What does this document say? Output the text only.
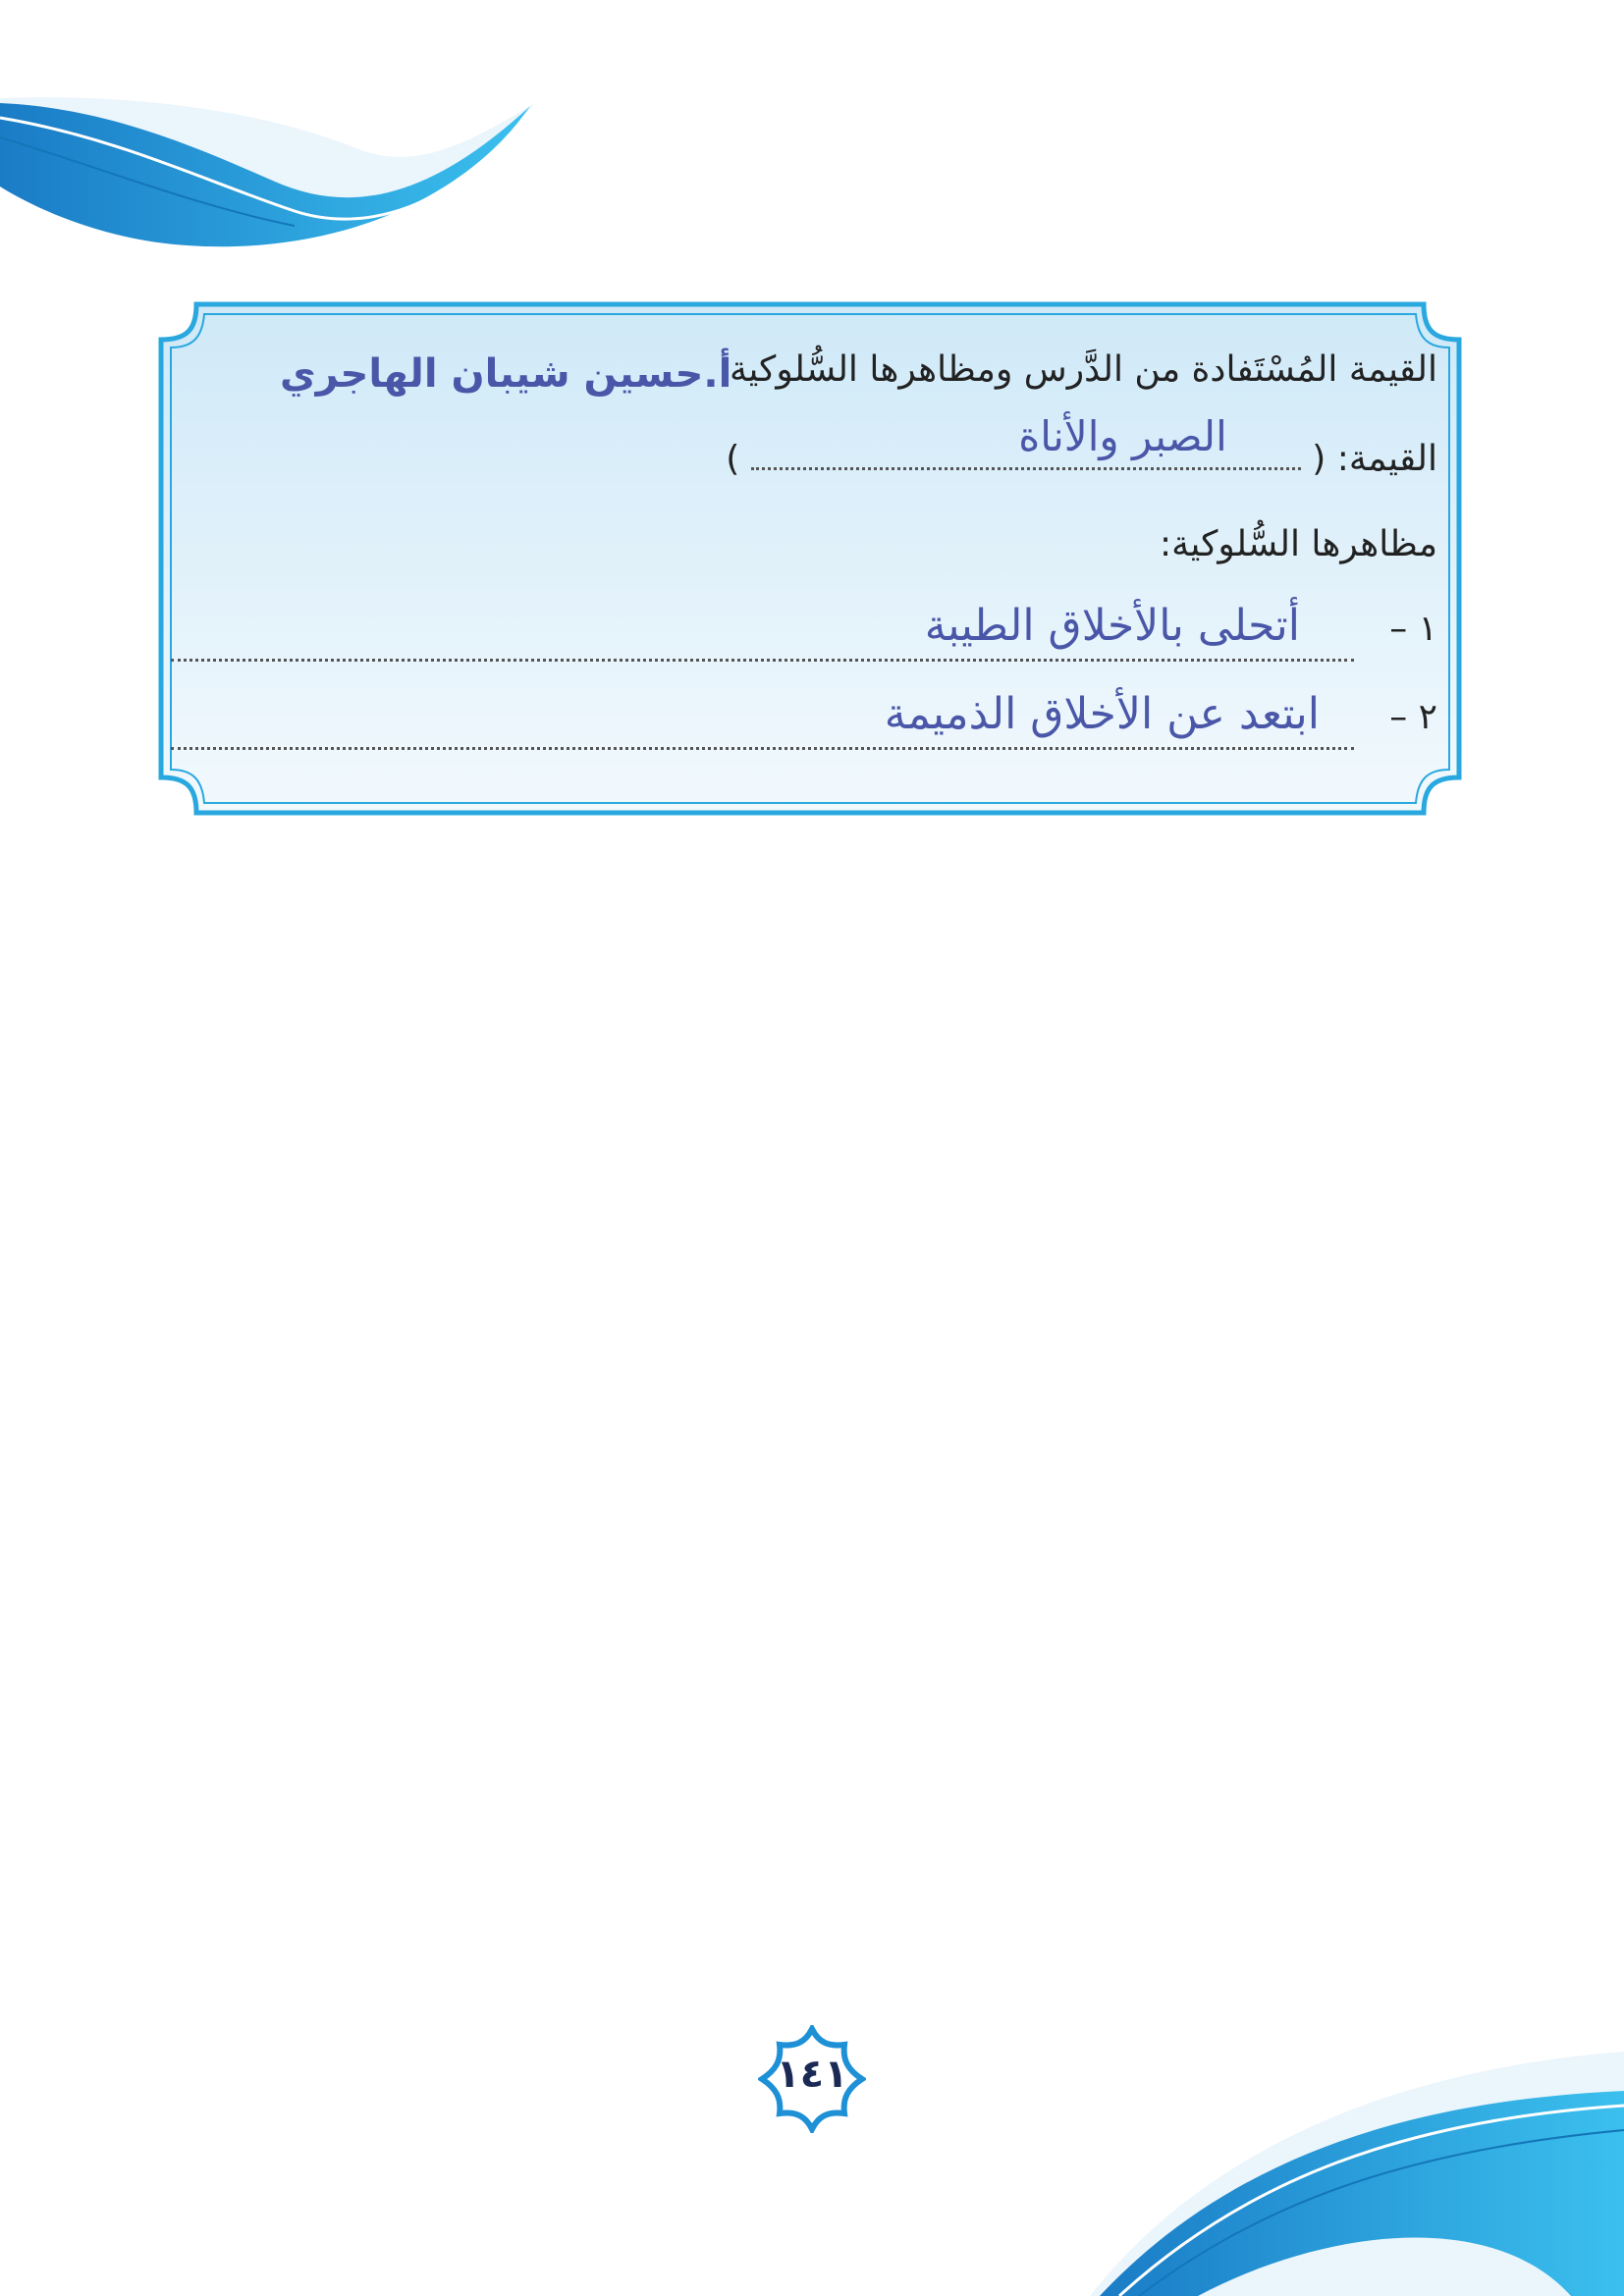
القيمة المُسْتَفادة من الدَّرس ومظاهرها السُّلوكية:
أ.حسين شيبان الهاجري
القيمة: (
الصبر والأناة
)
مظاهرها السُّلوكية:
١ –
أتحلى بالأخلاق الطيبة
٢ –
ابتعد عن الأخلاق الذميمة
١٤١
